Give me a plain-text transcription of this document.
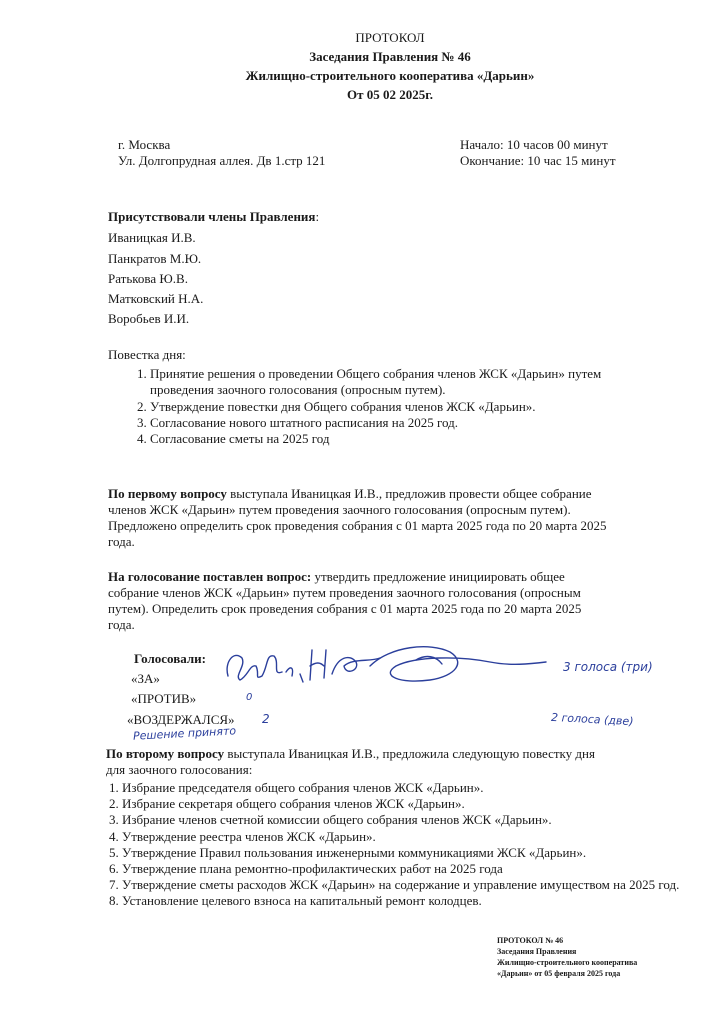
ПРОТОКОЛ
Заседания Правления № 46
Жилищно-строительного кооператива «Дарьин»
От 05 02 2025г.
г. Москва
Ул. Долгопрудная аллея. Дв 1.стр 121
Начало: 10 часов 00 минут
Окончание: 10 час 15 минут
Присутствовали члены Правления:
Иваницкая И.В.
Панкратов М.Ю.
Ратькова Ю.В.
Матковский Н.А.
Воробьев И.И.
Повестка дня:
1. Принятие решения о проведении Общего собрания членов ЖСК «Дарьин» путем
проведения заочного голосования (опросным путем).
2. Утверждение повестки дня Общего собрания членов ЖСК «Дарьин».
3. Согласование нового штатного расписания на 2025 год.
4. Согласование сметы на 2025 год
По первому вопросу выступала Иваницкая И.В., предложив провести общее собрание
членов ЖСК «Дарьин» путем проведения заочного голосования (опросным путем).
Предложено определить срок проведения собрания с 01 марта 2025 года по 20 марта 2025
года.
На голосование поставлен вопрос: утвердить предложение инициировать общее
собрание членов ЖСК «Дарьин» путем проведения заочного голосования (опросным
путем). Определить срок проведения собрания с 01 марта 2025 года по 20 марта 2025
года.
Голосовали:
«ЗА»
«ПРОТИВ»
«ВОЗДЕРЖАЛСЯ»
3 голоса (три)
0
2	2 голоса (две)
Решение принято
По второму вопросу выступала Иваницкая И.В., предложила следующую повестку дня
для заочного голосования:
1. Избрание председателя общего собрания членов ЖСК «Дарьин».
2. Избрание секретаря общего собрания членов ЖСК «Дарьин».
3. Избрание членов счетной комиссии общего собрания членов ЖСК «Дарьин».
4. Утверждение реестра членов ЖСК «Дарьин».
5. Утверждение Правил пользования инженерными коммуникациями ЖСК «Дарьин».
6. Утверждение плана ремонтно-профилактических работ на 2025 года
7. Утверждение сметы расходов ЖСК «Дарьин» на содержание и управление имуществом на 2025 год.
8. Установление целевого взноса на капитальный ремонт колодцев.
ПРОТОКОЛ № 46
Заседания Правления
Жилищно-строительного кооператива
«Дарьин» от 05 февраля 2025 года
